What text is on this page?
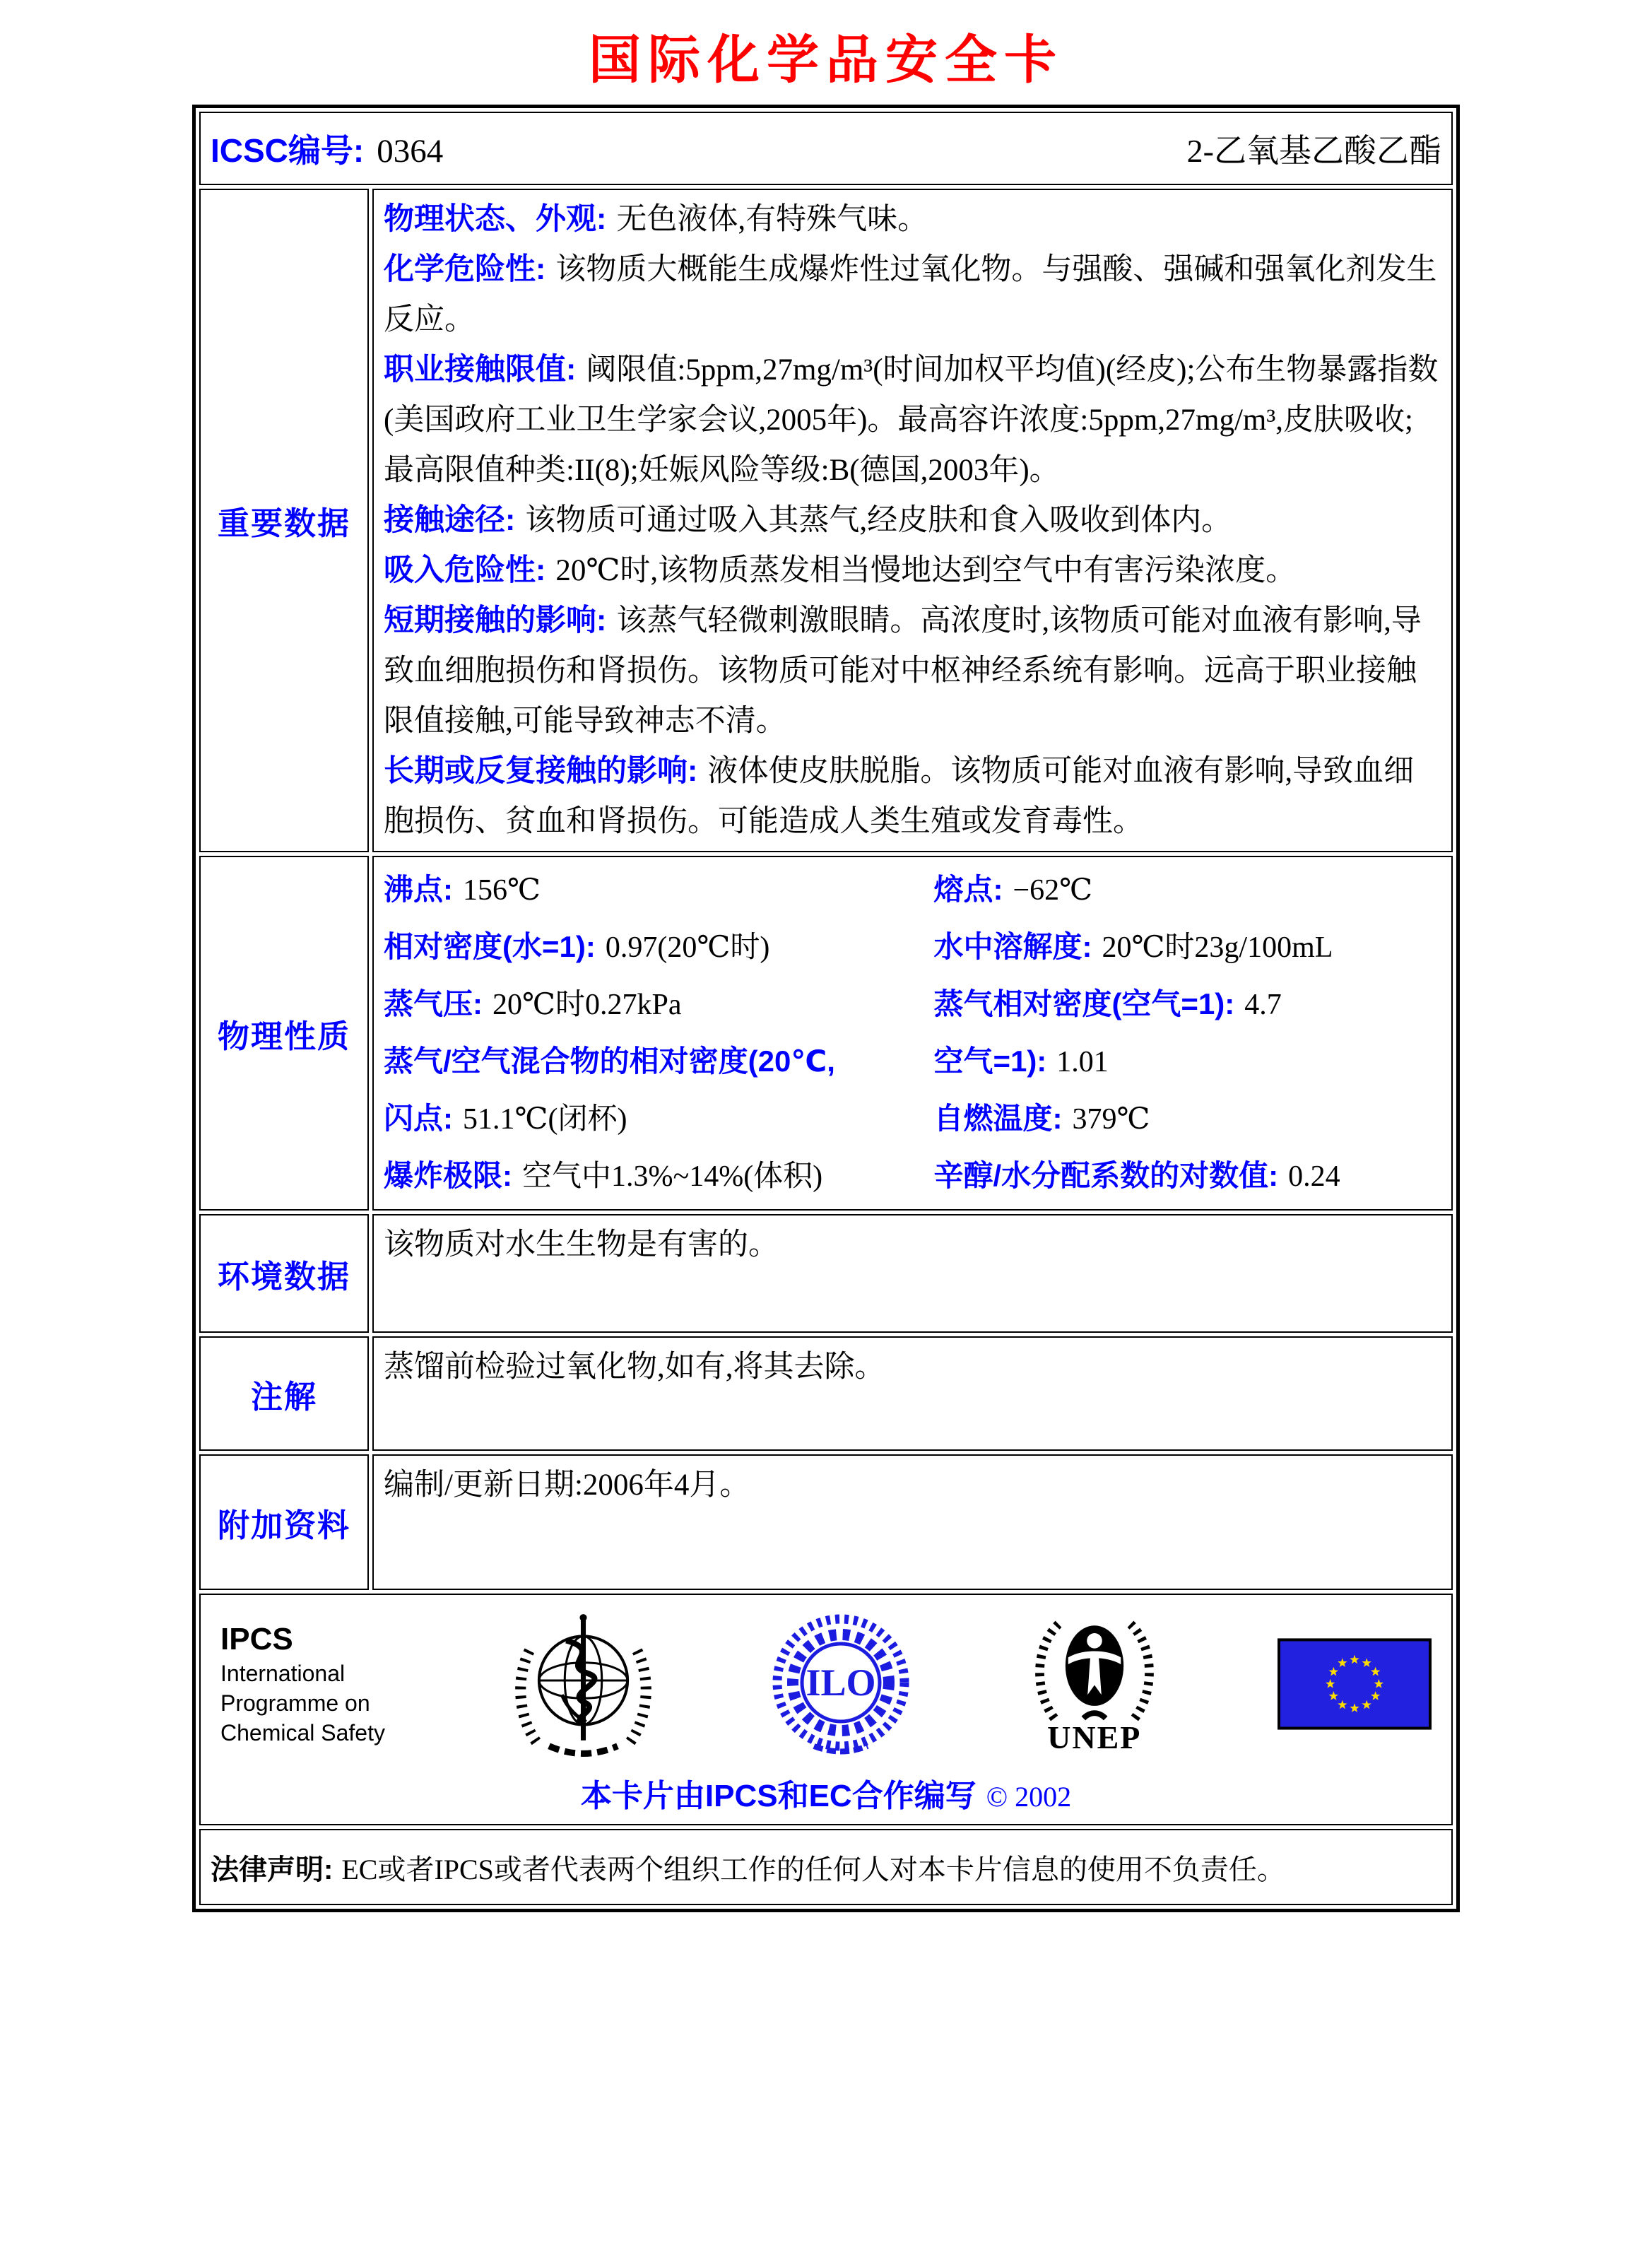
国际化学品安全卡
ICSC编号: 0364 2-乙氧基乙酸乙酯	

重要数据	

物理状态、外观: 无色液体,有特殊气味。

化学危险性: 该物质大概能生成爆炸性过氧化物。与强酸、强碱和强氧化剂发生反应。

职业接触限值: 阈限值:5ppm,27mg/m³(时间加权平均值)(经皮);公布生物暴露指数(美国政府工业卫生学家会议,2005年)。最高容许浓度:5ppm,27mg/m³,皮肤吸收;最高限值种类:II(8);妊娠风险等级:B(德国,2003年)。

接触途径: 该物质可通过吸入其蒸气,经皮肤和食入吸收到体内。

吸入危险性: 20℃时,该物质蒸发相当慢地达到空气中有害污染浓度。

短期接触的影响: 该蒸气轻微刺激眼睛。高浓度时,该物质可能对血液有影响,导致血细胞损伤和肾损伤。该物质可能对中枢神经系统有影响。远高于职业接触限值接触,可能导致神志不清。

长期或反复接触的影响: 液体使皮肤脱脂。该物质可能对血液有影响,导致血细胞损伤、贫血和肾损伤。可能造成人类生殖或发育毒性。

物理性质	
沸点: 156℃	熔点: −62℃
相对密度(水=1): 0.97(20℃时)	水中溶解度: 20℃时23g/100mL
蒸气压: 20℃时0.27kPa	蒸气相对密度(空气=1): 4.7
蒸气/空气混合物的相对密度(20℃,	空气=1): 1.01
闪点: 51.1℃(闭杯)	自燃温度: 379℃
爆炸极限: 空气中1.3%~14%(体积)	辛醇/水分配系数的对数值: 0.24

环境数据	该物质对水生生物是有害的。

注解	蒸馏前检验过氧化物,如有,将其去除。

附加资料	编制/更新日期:2006年4月。

IPCS
International
Programme on
Chemical Safety
ILO
UNEP
本卡片由IPCS和EC合作编写 © 2002

法律声明: EC或者IPCS或者代表两个组织工作的任何人对本卡片信息的使用不负责任。	
